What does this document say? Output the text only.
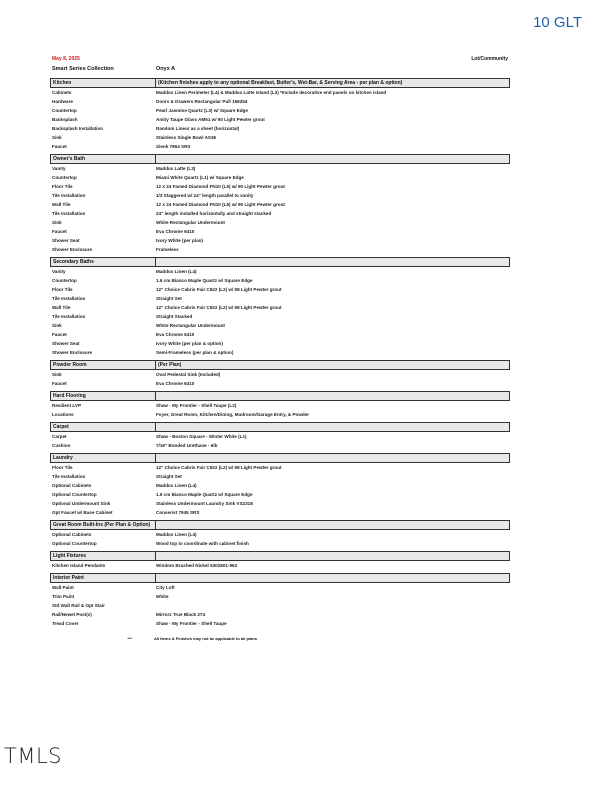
10 GLT
May 8, 2025	Lot/Community
Smart Series Collection	Onyx A
Kitchen	(Kitchen finishes apply to any optional Breakfast, Butler's, Wet-Bar, & Serving Area - per plan & option)
Cabinets	Maddox Linen Perimeter (L4) & Maddox Latte Island (L3) *Include decorative end panels on kitchen island
Hardware	Doors & Drawers Rectangular Pull 158254
Countertop	Pearl Jasmine Quartz (L3) w/ Square Edge
Backsplash	Amity Taupe Glass AM51 w/ 90 Light Pewter grout
Backsplash Installation	Random Linear as a sheet (horizontal)
Sink	Stainless Single Bowl AS36
Faucet	Sienk 7864 SRS
Owner's Bath
Vanity	Maddox Latte (L3)
Countertop	Miami White Quartz (L1) w/ Square Edge
Floor Tile	12 x 24 Famed Diamond FN10 (L5) w/ 90 Light Pewter grout
Tile Installation	1/3 Staggered w/ 24" length parallel to vanity
Wall Tile	12 x 24 Famed Diamond FN10 (L5) w/ 90 Light Pewter grout
Tile Installation	24" length installed horizontally and straight stacked
Sink	White Rectangular Undermount
Faucet	Eva Chrome 6410
Shower Seat	Ivory White (per plan)
Shower Enclosure	Frameless
Secondary Baths
Vanity	Maddox Linen (L4)
Countertop	1.6 cm Bianco Maple Quartz w/ Square Edge
Floor Tile	12" Choice Cabris Fair C522 (L2) w/ 98 Light Pewter grout
Tile Installation	Straight Set
Wall Tile	12" Choice Cabris Fair C522 (L2) w/ 98 Light Pewter grout
Tile Installation	Straight Stacked
Sink	White Rectangular Undermount
Faucet	Eva Chrome 6410
Shower Seat	Ivory White (per plan & option)
Shower Enclosure	Semi-Frameless (per plan & option)
Powder Room	(Per Plan)
Sink	Oval Pedestal Sink (Included)
Faucet	Eva Chrome 6410
Hard Flooring
Resilient LVP	Shaw - My Frontier - Shell Taupe (L2)
Locations	Foyer, Great Room, Kitchen/Dining, Mudroom/Garage Entry, & Powder
Carpet
Carpet	Shaw - Boston Square - Winter White (L1)
Cushion	7/16" Bonded Urethane - 6lb
Laundry
Floor Tile	12" Choice Cabris Fair C522 (L2) w/ 98 Light Pewter grout
Tile Installation	Straight Set
Optional Cabinets	Maddox Linen (L4)
Optional Countertop	1.6 cm Bianco Maple Quartz w/ Square Edge
Optional Undermount Sink	Stainless Undermount Laundry Sink VS2318
Opt Faucet w/ Base Cabinet	Conserist 7945 SRS
Great Room Built-Ins (Per Plan & Option)
Optional Cabinets	Maddox Linen (L4)
Optional Countertop	Wood top to coordinate with cabinet finish
Light Fixtures
Kitchen Island Pendants	Windom Brushed Nickel 5302801-962
Interior Paint
Wall Paint	City Loft
Trim Paint	White
Std Wall Rail & Opt Stair
Rail/Newel Post(s)	Mirrorz True Black 274
Tread Cover	Shaw - My Frontier - Shell Taupe
***	All Items & Finishes may not be applicable to all plans
TMLS
